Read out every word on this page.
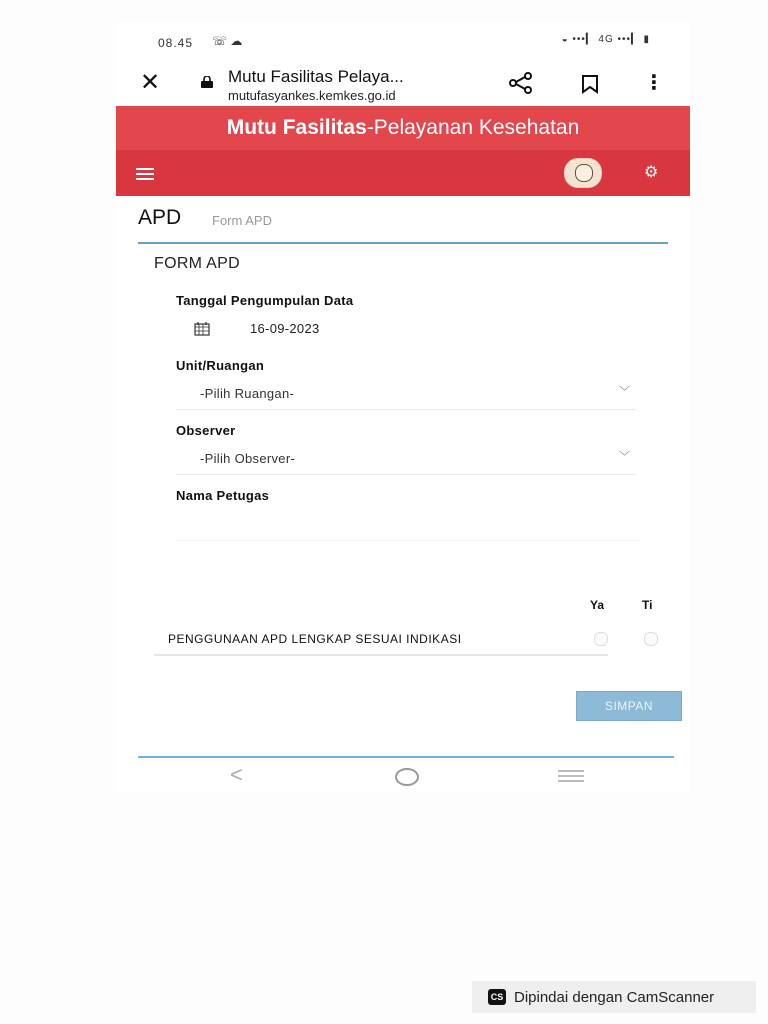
08.45 ☏ ☁	◒ •••▎ 4G •••▎ ▮
✕	Mutu Fasilitas Pelaya...
mutufasyankes.kemkes.go.id
⋮
Mutu Fasilitas-Pelayanan Kesehatan
⚙
APD Form APD
FORM APD
Tanggal Pengumpulan Data
16-09-2023
Unit/Ruangan
-Pilih Ruangan-	﹀
Observer
-Pilih Observer-	﹀
Nama Petugas
Ya	Ti
PENGGUNAAN APD LENGKAP SESUAI INDIKASI
SIMPAN
<
CS Dipindai dengan CamScanner
